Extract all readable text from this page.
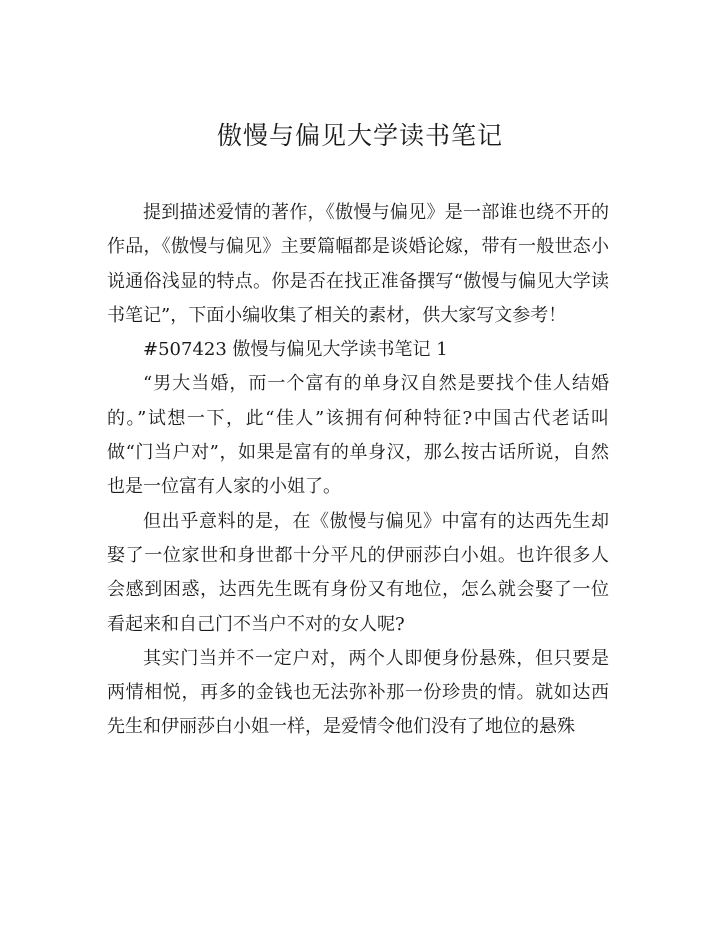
傲慢与偏见大学读书笔记

提到描述爱情的著作，《傲慢与偏见》是一部谁也绕不开的作品，《傲慢与偏见》主要篇幅都是谈婚论嫁，带有一般世态小说通俗浅显的特点。你是否在找正准备撰写“傲慢与偏见大学读书笔记”，下面小编收集了相关的素材，供大家写文参考！

#507423 傲慢与偏见大学读书笔记 1

“男大当婚，而一个富有的单身汉自然是要找个佳人结婚的。”试想一下，此“佳人”该拥有何种特征?中国古代老话叫做“门当户对”，如果是富有的单身汉，那么按古话所说，自然也是一位富有人家的小姐了。

但出乎意料的是，在《傲慢与偏见》中富有的达西先生却娶了一位家世和身世都十分平凡的伊丽莎白小姐。也许很多人会感到困惑，达西先生既有身份又有地位，怎么就会娶了一位看起来和自己门不当户不对的女人呢?

其实门当并不一定户对，两个人即便身份悬殊，但只要是两情相悦，再多的金钱也无法弥补那一份珍贵的情。就如达西先生和伊丽莎白小姐一样，是爱情令他们没有了地位的悬殊
